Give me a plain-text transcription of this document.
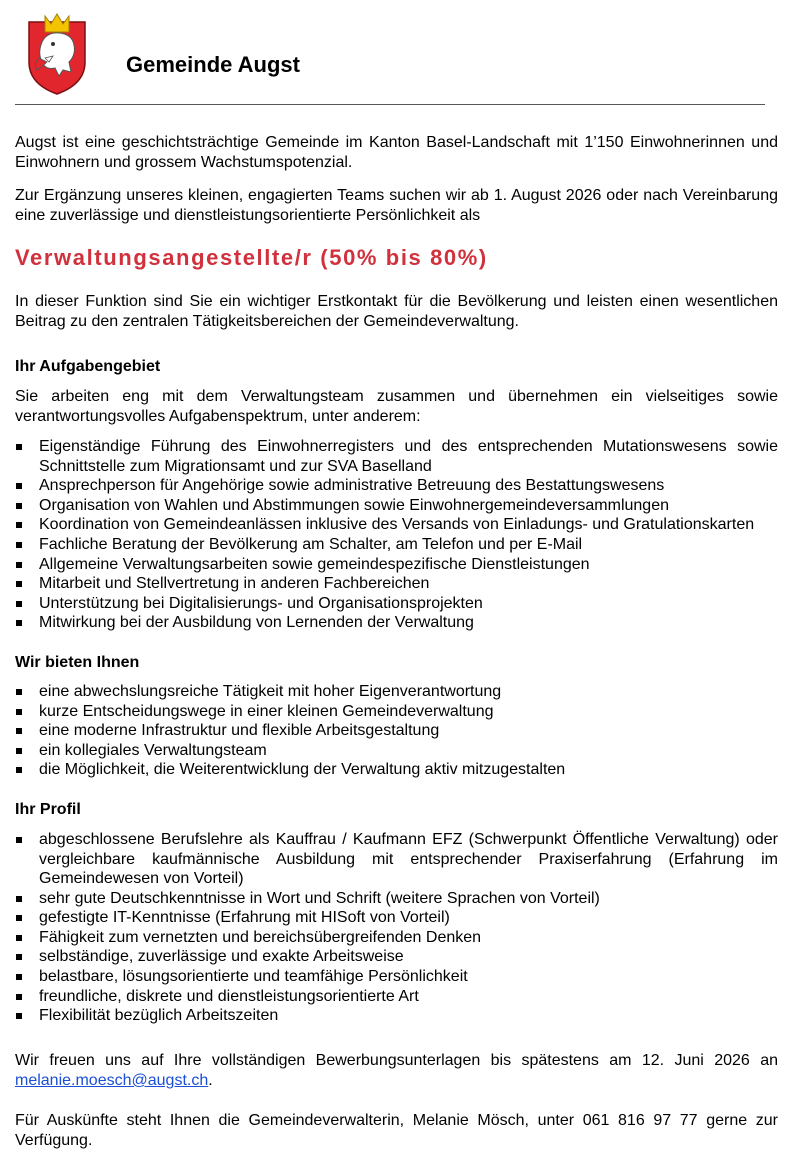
Gemeinde Augst

Augst ist eine geschichtsträchtige Gemeinde im Kanton Basel-Landschaft mit 1’150 Einwohnerinnen und Einwohnern und grossem Wachstumspotenzial.

Zur Ergänzung unseres kleinen, engagierten Teams suchen wir ab 1. August 2026 oder nach Vereinbarung eine zuverlässige und dienstleistungsorientierte Persönlichkeit als

Verwaltungsangestellte/r (50% bis 80%)

In dieser Funktion sind Sie ein wichtiger Erstkontakt für die Bevölkerung und leisten einen wesentlichen Beitrag zu den zentralen Tätigkeitsbereichen der Gemeindeverwaltung.

Ihr Aufgabengebiet

Sie arbeiten eng mit dem Verwaltungsteam zusammen und übernehmen ein vielseitiges sowie verantwortungsvolles Aufgabenspektrum, unter anderem:

Eigenständige Führung des Einwohnerregisters und des entsprechenden Mutationswesens sowie Schnittstelle zum Migrationsamt und zur SVA Baselland
Ansprechperson für Angehörige sowie administrative Betreuung des Bestattungswesens
Organisation von Wahlen und Abstimmungen sowie Einwohnergemeindeversammlungen
Koordination von Gemeindeanlässen inklusive des Versands von Einladungs- und Gratulationskarten
Fachliche Beratung der Bevölkerung am Schalter, am Telefon und per E-Mail
Allgemeine Verwaltungsarbeiten sowie gemeindespezifische Dienstleistungen
Mitarbeit und Stellvertretung in anderen Fachbereichen
Unterstützung bei Digitalisierungs- und Organisationsprojekten
Mitwirkung bei der Ausbildung von Lernenden der Verwaltung
Wir bieten Ihnen
eine abwechslungsreiche Tätigkeit mit hoher Eigenverantwortung
kurze Entscheidungswege in einer kleinen Gemeindeverwaltung
eine moderne Infrastruktur und flexible Arbeitsgestaltung
ein kollegiales Verwaltungsteam
die Möglichkeit, die Weiterentwicklung der Verwaltung aktiv mitzugestalten
Ihr Profil
abgeschlossene Berufslehre als Kauffrau / Kaufmann EFZ (Schwerpunkt Öffentliche Verwaltung) oder vergleichbare kaufmännische Ausbildung mit entsprechender Praxiserfahrung (Erfahrung im Gemeindewesen von Vorteil)
sehr gute Deutschkenntnisse in Wort und Schrift (weitere Sprachen von Vorteil)
gefestigte IT-Kenntnisse (Erfahrung mit HISoft von Vorteil)
Fähigkeit zum vernetzten und bereichsübergreifenden Denken
selbständige, zuverlässige und exakte Arbeitsweise
belastbare, lösungsorientierte und teamfähige Persönlichkeit
freundliche, diskrete und dienstleistungsorientierte Art
Flexibilität bezüglich Arbeitszeiten

Wir freuen uns auf Ihre vollständigen Bewerbungsunterlagen bis spätestens am 12. Juni 2026 an melanie.moesch@augst.ch.

Für Auskünfte steht Ihnen die Gemeindeverwalterin, Melanie Mösch, unter 061 816 97 77 gerne zur Verfügung.
